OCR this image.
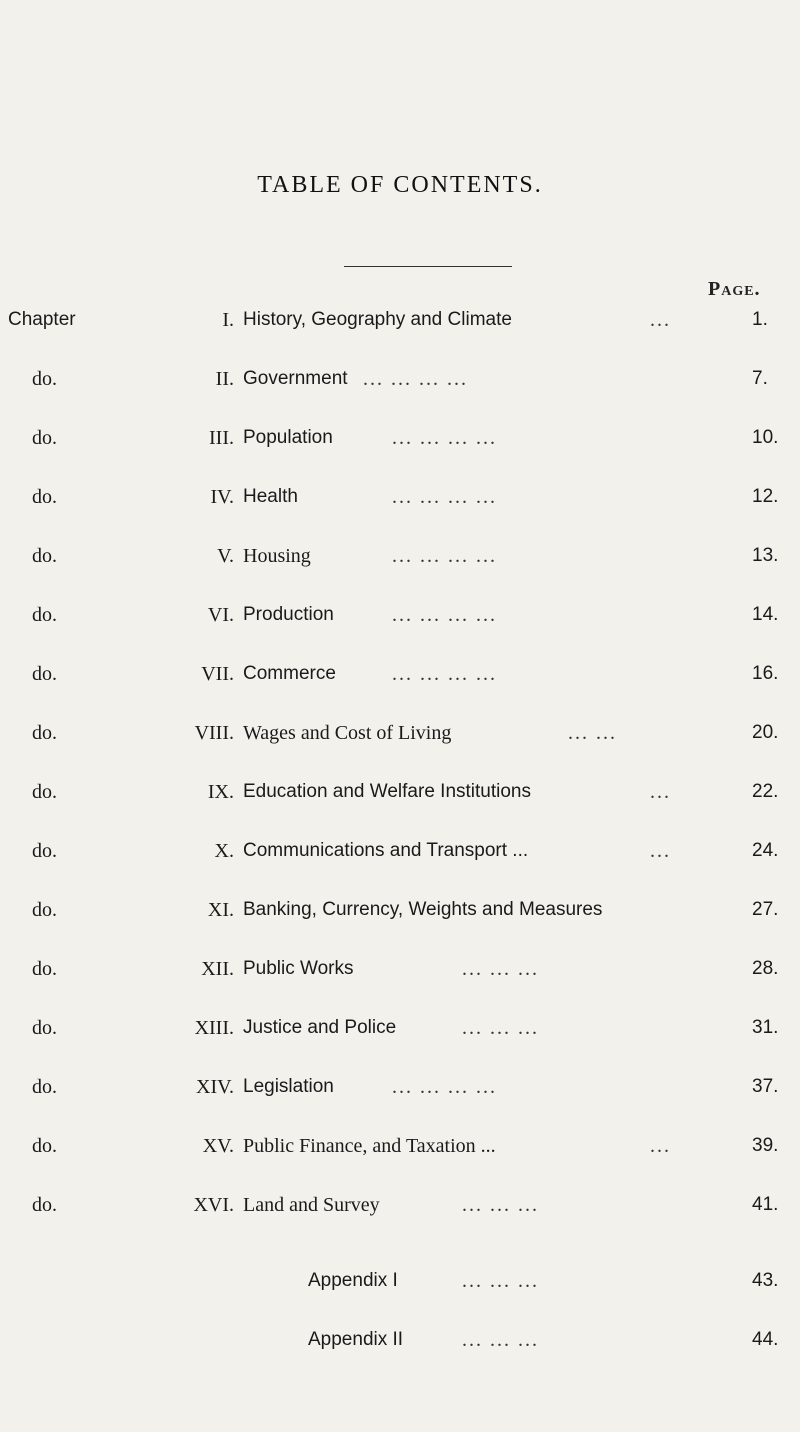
TABLE OF CONTENTS.
Page.
Chapter	I. History, Geography and Climate	...	1.
do.	II. Government ... ... ... ...	7.
do.	III. Population	... ... ... ...	10.
do.	IV. Health	... ... ... ...	12.
do.	V. Housing	... ... ... ...	13.
do.	VI. Production	... ... ... ...	14.
do.	VII. Commerce	... ... ... ...	16.
do.	VIII. Wages and Cost of Living	... ...	20.
do.	IX. Education and Welfare Institutions	...	22.
do.	X. Communications and Transport ...	...	24.
do.	XI. Banking, Currency, Weights and Measures	27.
do.	XII. Public Works	... ... ...	28.
do.	XIII. Justice and Police	... ... ...	31.
do.	XIV. Legislation	... ... ... ...	37.
do.	XV. Public Finance, and Taxation ...	...	39.
do.	XVI. Land and Survey	... ... ...	41.
Appendix I	... ... ...	43.
Appendix II	... ... ...	44.
